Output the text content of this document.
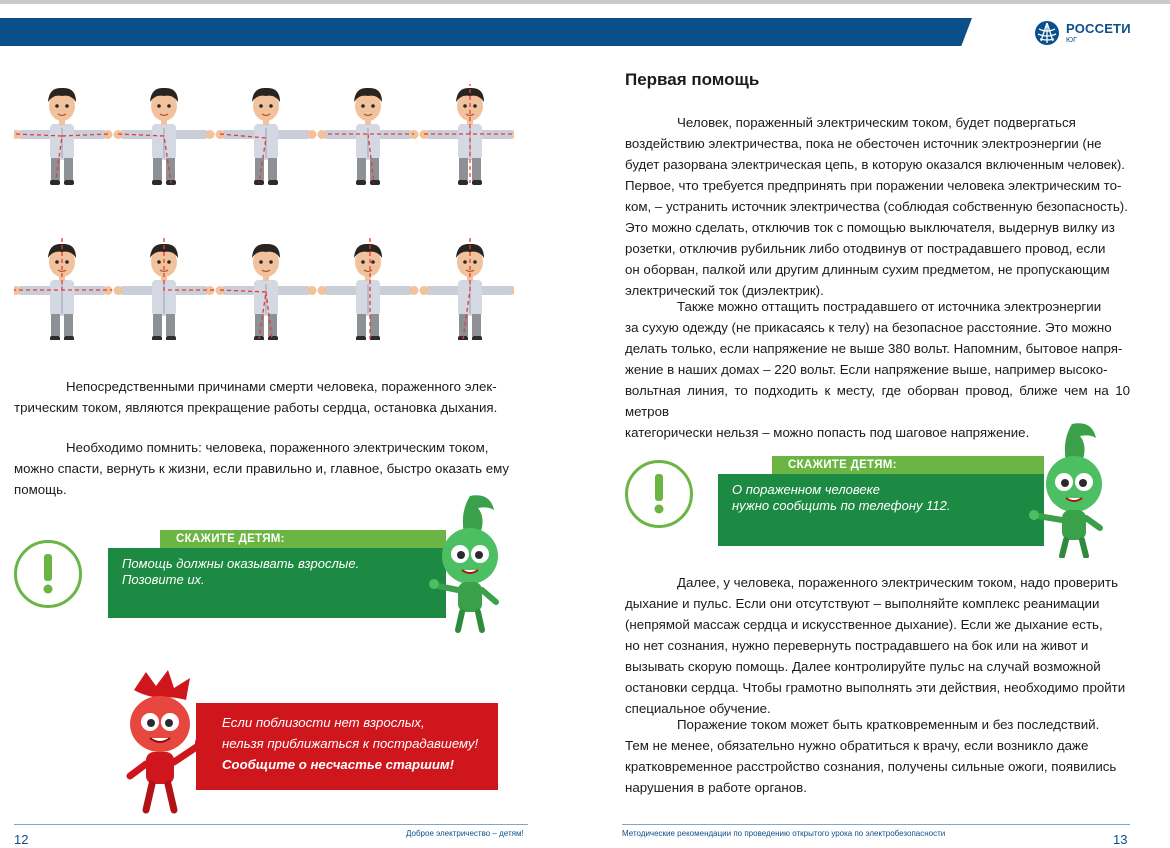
РОССЕТИ
ЮГ
Непосредственными причинами смерти человека, пораженного элек-
трическим током, являются прекращение работы сердца, остановка дыхания.
Необходимо помнить: человека, пораженного электрическим током,
можно спасти, вернуть к жизни, если правильно и, главное, быстро оказать ему
помощь.
СКАЖИТЕ ДЕТЯМ:
Помощь должны оказывать взрослые.
Позовите их.
Если поблизости нет взрослых,
нельзя приближаться к пострадавшему!
Сообщите о несчастье старшим!
12	Доброе электричество – детям!
Первая помощь
Человек, пораженный электрическим током, будет подвергаться
воздействию электричества, пока не обесточен источник электроэнергии (не
будет разорвана электрическая цепь, в которую оказался включенным человек).
Первое, что требуется предпринять при поражении человека электрическим то-
ком, – устранить источник электричества (соблюдая собственную безопасность).
Это можно сделать, отключив ток с помощью выключателя, выдернув вилку из
розетки, отключив рубильник либо отодвинув от пострадавшего провод, если
он оборван, палкой или другим длинным сухим предметом, не пропускающим
электрический ток (диэлектрик).
Также можно оттащить пострадавшего от источника электроэнергии
за сухую одежду (не прикасаясь к телу) на безопасное расстояние. Это можно
делать только, если напряжение не выше 380 вольт. Напомним, бытовое напря-
жение в наших домах – 220 вольт. Если напряжение выше, например высоко-
вольтная линия, то подходить к месту, где оборван провод, ближе чем на 10 метров
категорически нельзя – можно попасть под шаговое напряжение.
СКАЖИТЕ ДЕТЯМ:
О пораженном человеке
нужно сообщить по телефону 112.
Далее, у человека, пораженного электрическим током, надо проверить
дыхание и пульс. Если они отсутствуют – выполняйте комплекс реанимации
(непрямой массаж сердца и искусственное дыхание). Если же дыхание есть,
но нет сознания, нужно перевернуть пострадавшего на бок или на живот и
вызывать скорую помощь. Далее контролируйте пульс на случай возможной
остановки сердца. Чтобы грамотно выполнять эти действия, необходимо пройти
специальное обучение.
Поражение током может быть кратковременным и без последствий.
Тем не менее, обязательно нужно обратиться к врачу, если возникло даже
кратковременное расстройство сознания, получены сильные ожоги, появились
нарушения в работе органов.
Методические рекомендации по проведению открытого урока по электробезопасности	13
